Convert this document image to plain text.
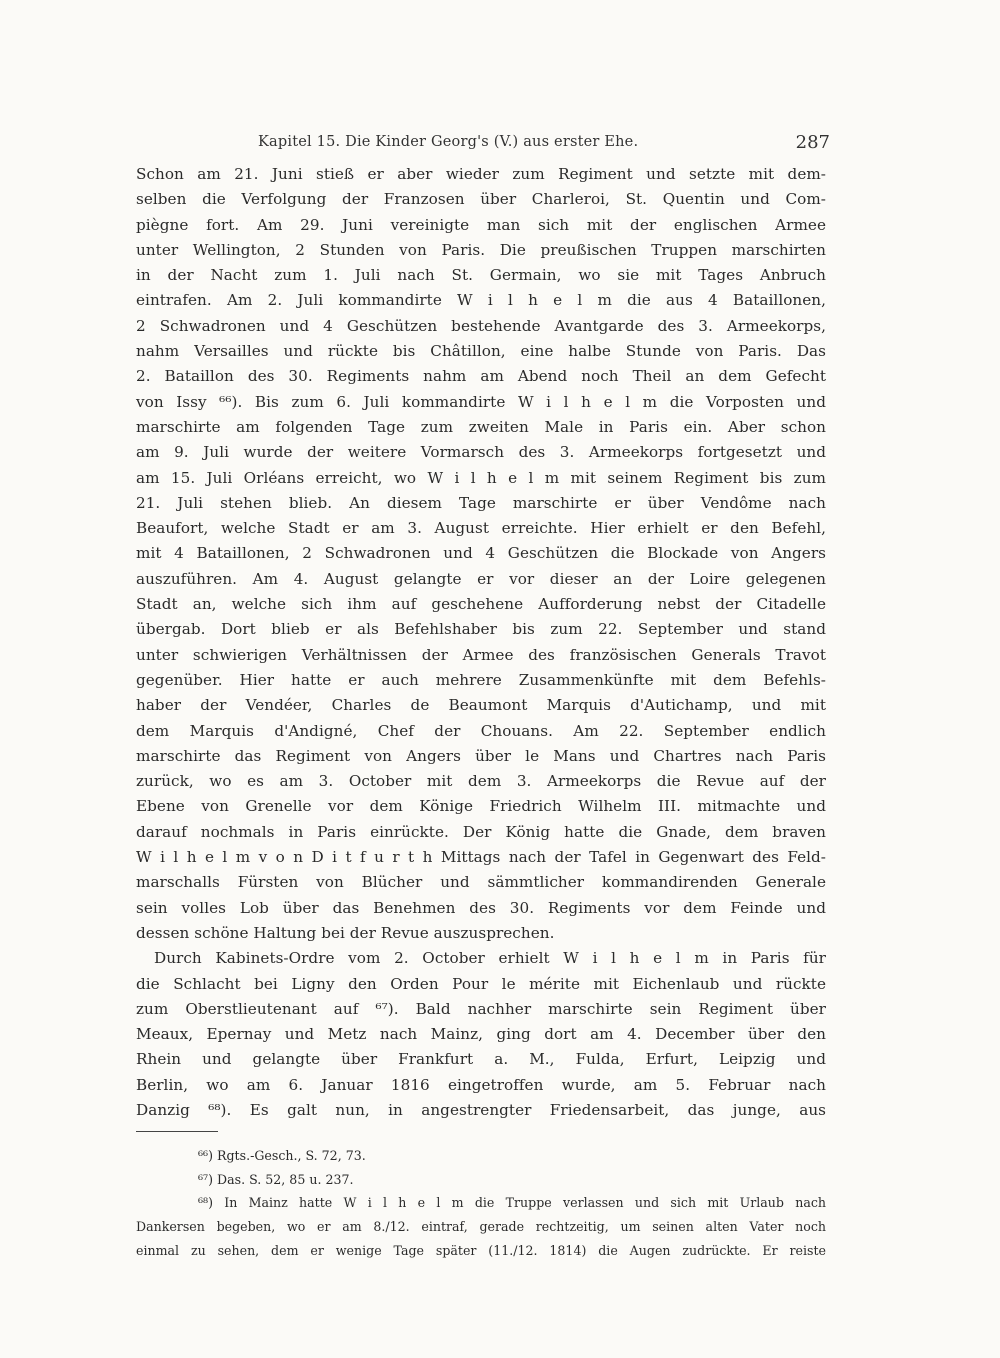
Kapitel 15. Die Kinder Georg's (V.) aus erster Ehe.	287
Schon am 21. Juni stieß er aber wieder zum Regiment und setzte mit dem-
selben die Verfolgung der Franzosen über Charleroi, St. Quentin und Com-
piègne fort. Am 29. Juni vereinigte man sich mit der englischen Armee
unter Wellington, 2 Stunden von Paris. Die preußischen Truppen marschirten
in der Nacht zum 1. Juli nach St. Germain, wo sie mit Tages Anbruch
eintrafen. Am 2. Juli kommandirte W i l h e l m die aus 4 Bataillonen,
2 Schwadronen und 4 Geschützen bestehende Avantgarde des 3. Armeekorps,
nahm Versailles und rückte bis Châtillon, eine halbe Stunde von Paris. Das
2. Bataillon des 30. Regiments nahm am Abend noch Theil an dem Gefecht
von Issy ⁶⁶). Bis zum 6. Juli kommandirte W i l h e l m die Vorposten und
marschirte am folgenden Tage zum zweiten Male in Paris ein. Aber schon
am 9. Juli wurde der weitere Vormarsch des 3. Armeekorps fortgesetzt und
am 15. Juli Orléans erreicht, wo W i l h e l m mit seinem Regiment bis zum
21. Juli stehen blieb. An diesem Tage marschirte er über Vendôme nach
Beaufort, welche Stadt er am 3. August erreichte. Hier erhielt er den Befehl,
mit 4 Bataillonen, 2 Schwadronen und 4 Geschützen die Blockade von Angers
auszuführen. Am 4. August gelangte er vor dieser an der Loire gelegenen
Stadt an, welche sich ihm auf geschehene Aufforderung nebst der Citadelle
übergab. Dort blieb er als Befehlshaber bis zum 22. September und stand
unter schwierigen Verhältnissen der Armee des französischen Generals Travot
gegenüber. Hier hatte er auch mehrere Zusammenkünfte mit dem Befehls-
haber der Vendéer, Charles de Beaumont Marquis d'Autichamp, und mit
dem Marquis d'Andigné, Chef der Chouans. Am 22. September endlich
marschirte das Regiment von Angers über le Mans und Chartres nach Paris
zurück, wo es am 3. October mit dem 3. Armeekorps die Revue auf der
Ebene von Grenelle vor dem Könige Friedrich Wilhelm III. mitmachte und
darauf nochmals in Paris einrückte. Der König hatte die Gnade, dem braven
W i l h e l m v o n D i t f u r t h Mittags nach der Tafel in Gegenwart des Feld-
marschalls Fürsten von Blücher und sämmtlicher kommandirenden Generale
sein volles Lob über das Benehmen des 30. Regiments vor dem Feinde und
dessen schöne Haltung bei der Revue auszusprechen.
Durch Kabinets-Ordre vom 2. October erhielt W i l h e l m in Paris für
die Schlacht bei Ligny den Orden Pour le mérite mit Eichenlaub und rückte
zum Oberstlieutenant auf ⁶⁷). Bald nachher marschirte sein Regiment über
Meaux, Epernay und Metz nach Mainz, ging dort am 4. December über den
Rhein und gelangte über Frankfurt a. M., Fulda, Erfurt, Leipzig und
Berlin, wo am 6. Januar 1816 eingetroffen wurde, am 5. Februar nach
Danzig ⁶⁸). Es galt nun, in angestrengter Friedensarbeit, das junge, aus
⁶⁶) Rgts.-Gesch., S. 72, 73.
⁶⁷) Das. S. 52, 85 u. 237.
⁶⁸) In Mainz hatte W i l h e l m die Truppe verlassen und sich mit Urlaub nach
Dankersen begeben, wo er am 8./12. eintraf, gerade rechtzeitig, um seinen alten Vater noch
einmal zu sehen, dem er wenige Tage später (11./12. 1814) die Augen zudrückte. Er reiste
